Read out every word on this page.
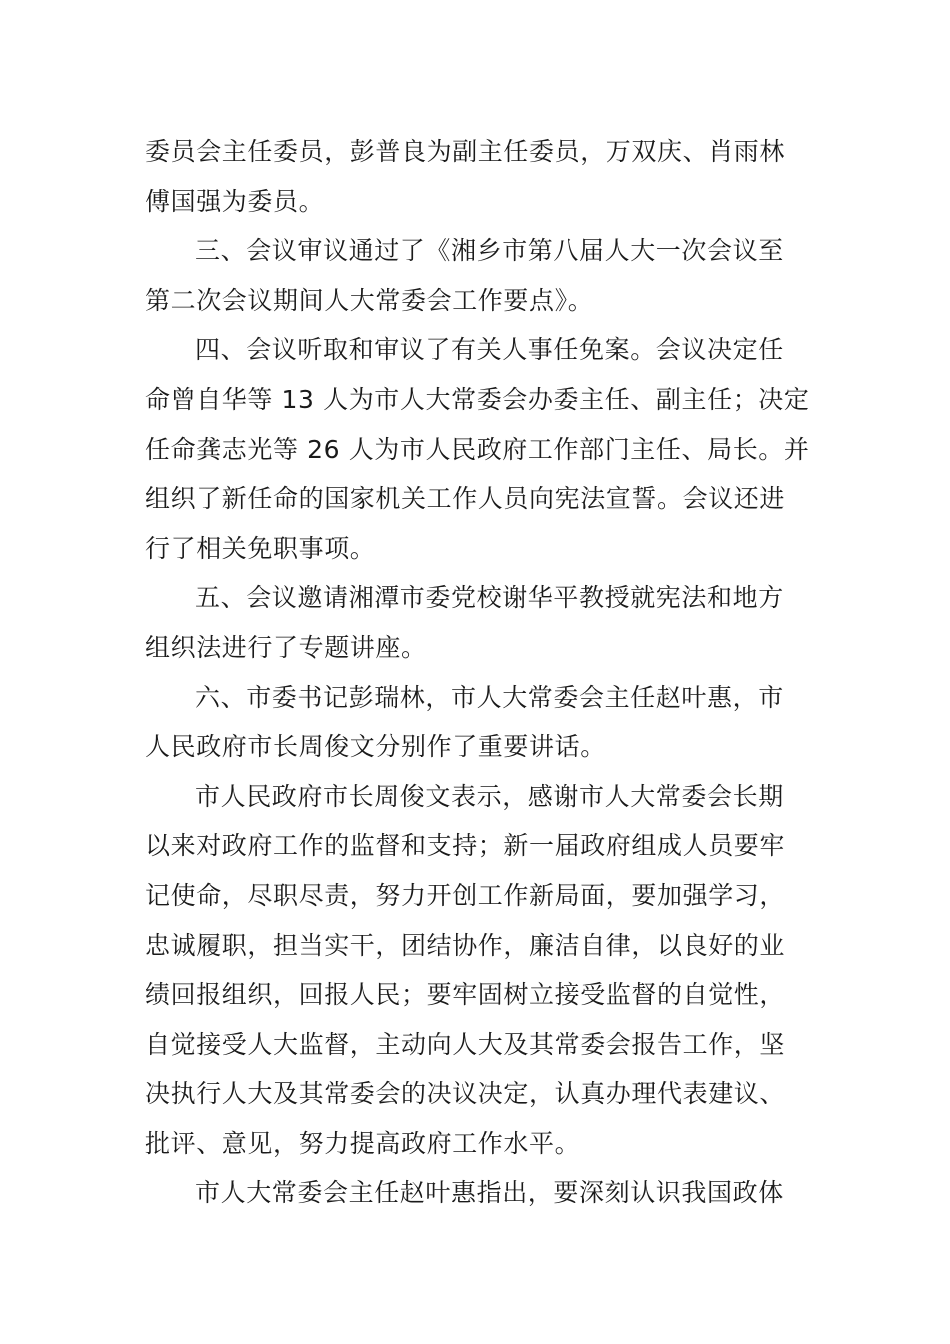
委员会主任委员，彭普良为副主任委员，万双庆、肖雨林
傅国强为委员。
三、会议审议通过了《湘乡市第八届人大一次会议至
第二次会议期间人大常委会工作要点》。
四、会议听取和审议了有关人事任免案。会议决定任
命曾自华等 13 人为市人大常委会办委主任、副主任；决定
任命龚志光等 26 人为市人民政府工作部门主任、局长。并
组织了新任命的国家机关工作人员向宪法宣誓。会议还进
行了相关免职事项。
五、会议邀请湘潭市委党校谢华平教授就宪法和地方
组织法进行了专题讲座。
六、市委书记彭瑞林，市人大常委会主任赵叶惠，市
人民政府市长周俊文分别作了重要讲话。
市人民政府市长周俊文表示，感谢市人大常委会长期
以来对政府工作的监督和支持；新一届政府组成人员要牢
记使命，尽职尽责，努力开创工作新局面，要加强学习，
忠诚履职，担当实干，团结协作，廉洁自律，以良好的业
绩回报组织，回报人民；要牢固树立接受监督的自觉性，
自觉接受人大监督，主动向人大及其常委会报告工作，坚
决执行人大及其常委会的决议决定，认真办理代表建议、
批评、意见，努力提高政府工作水平。
市人大常委会主任赵叶惠指出，要深刻认识我国政体
